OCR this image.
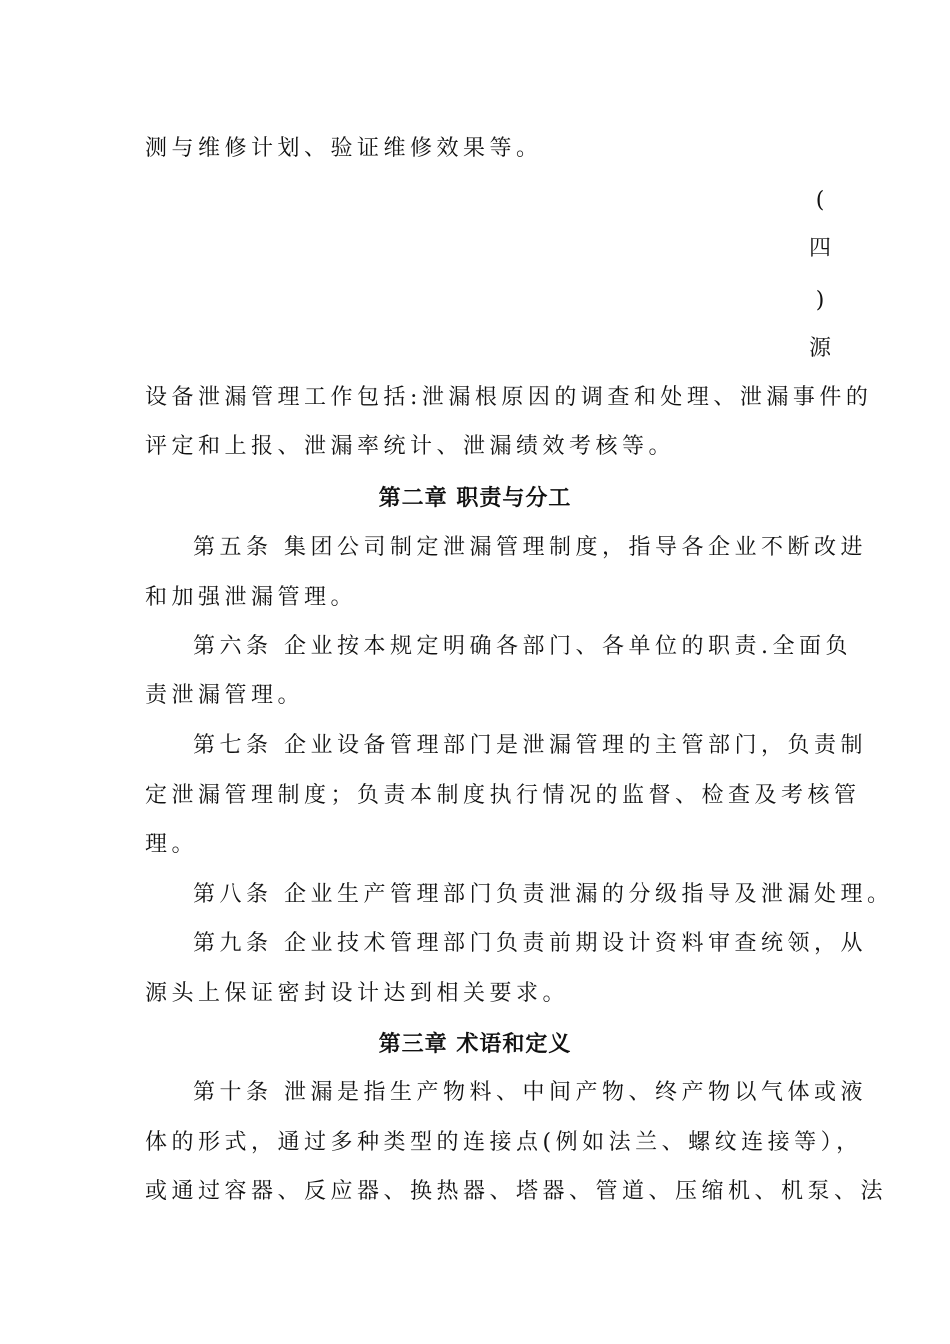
测与维修计划、验证维修效果等。
(
四
)
源
设备泄漏管理工作包括:泄漏根原因的调查和处理、泄漏事件的
评定和上报、泄漏率统计、泄漏绩效考核等。
第二章 职责与分工
第五条 集团公司制定泄漏管理制度，指导各企业不断改进
和加强泄漏管理。
第六条 企业按本规定明确各部门、各单位的职责.全面负
责泄漏管理。
第七条 企业设备管理部门是泄漏管理的主管部门，负责制
定泄漏管理制度；负责本制度执行情况的监督、检查及考核管
理。
第八条 企业生产管理部门负责泄漏的分级指导及泄漏处理。
第九条 企业技术管理部门负责前期设计资料审查统领，从
源头上保证密封设计达到相关要求。
第三章 术语和定义
第十条 泄漏是指生产物料、中间产物、终产物以气体或液
体的形式，通过多种类型的连接点(例如法兰、螺纹连接等），
或通过容器、反应器、换热器、塔器、管道、压缩机、机泵、法
